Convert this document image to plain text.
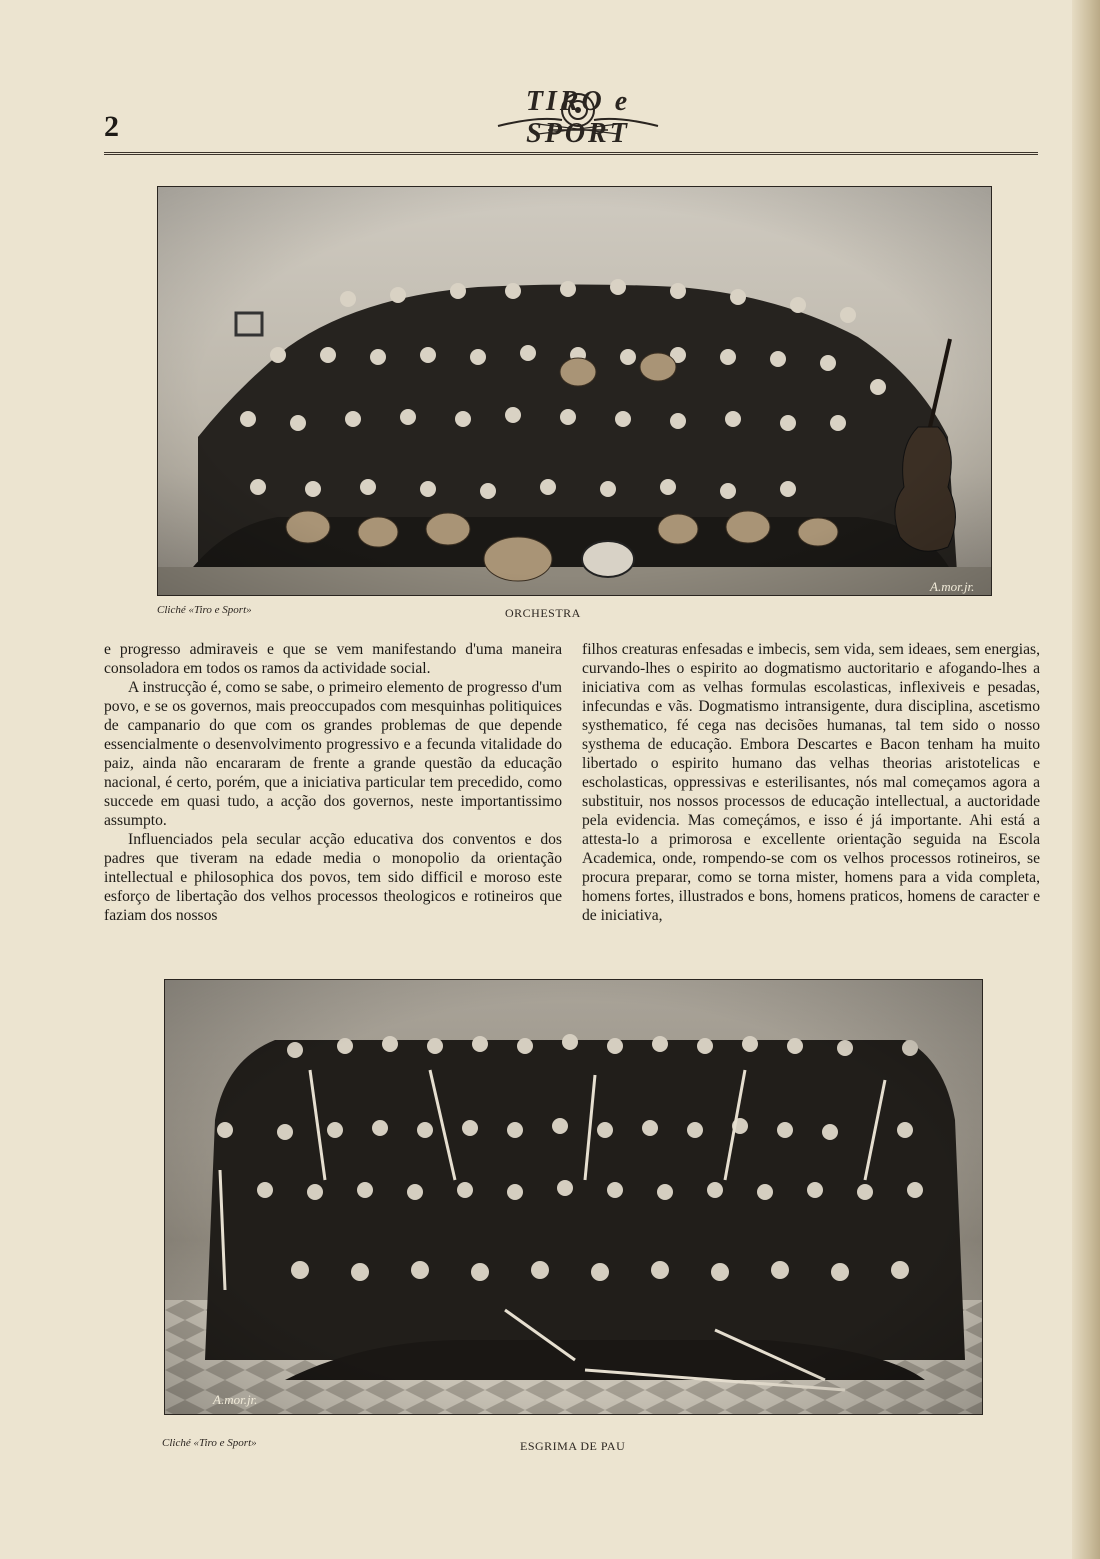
2
TIRO e SPORT
A.mor.jr.
Cliché «Tiro e Sport»	ORCHESTRA

e progresso admiraveis e que se vem manifestando d'uma maneira consoladora em todos os ramos da actividade social.

A instrucção é, como se sabe, o primeiro elemento de progresso d'um povo, e se os governos, mais preoccupados com mesquinhas politiquices de campanario do que com os grandes problemas de que depende essencialmente o desenvolvimento progressivo e a fecunda vitalidade do paiz, ainda não encararam de frente a grande questão da educação nacional, é certo, porém, que a iniciativa particular tem precedido, como succede em quasi tudo, a acção dos governos, neste importantissimo assumpto.

Influenciados pela secular acção educativa dos conventos e dos padres que tiveram na edade media o monopolio da orientação intellectual e philosophica dos povos, tem sido difficil e moroso este esforço de libertação dos velhos processos theologicos e rotineiros que faziam dos nossos

filhos creaturas enfesadas e imbecis, sem vida, sem ideaes, sem energias, curvando-lhes o espirito ao dogmatismo auctoritario e afogando-lhes a iniciativa com as velhas formulas escolasticas, inflexiveis e pesadas, infecundas e vãs. Dogmatismo intransigente, dura disciplina, ascetismo systhematico, fé cega nas decisões humanas, tal tem sido o nosso systhema de educação. Embora Descartes e Bacon tenham ha muito libertado o espirito humano das velhas theorias aristotelicas e escholasticas, oppressivas e esterilisantes, nós mal começamos agora a substituir, nos nossos processos de educação intellectual, a auctoridade pela evidencia. Mas começámos, e isso é já importante. Ahi está a attesta-lo a primorosa e excellente orientação seguida na Escola Academica, onde, rompendo-se com os velhos processos rotineiros, se procura preparar, como se torna mister, homens para a vida completa, homens fortes, illustrados e bons, homens praticos, homens de caracter e de iniciativa,

A.mor.jr.
Cliché «Tiro e Sport»	ESGRIMA DE PAU
